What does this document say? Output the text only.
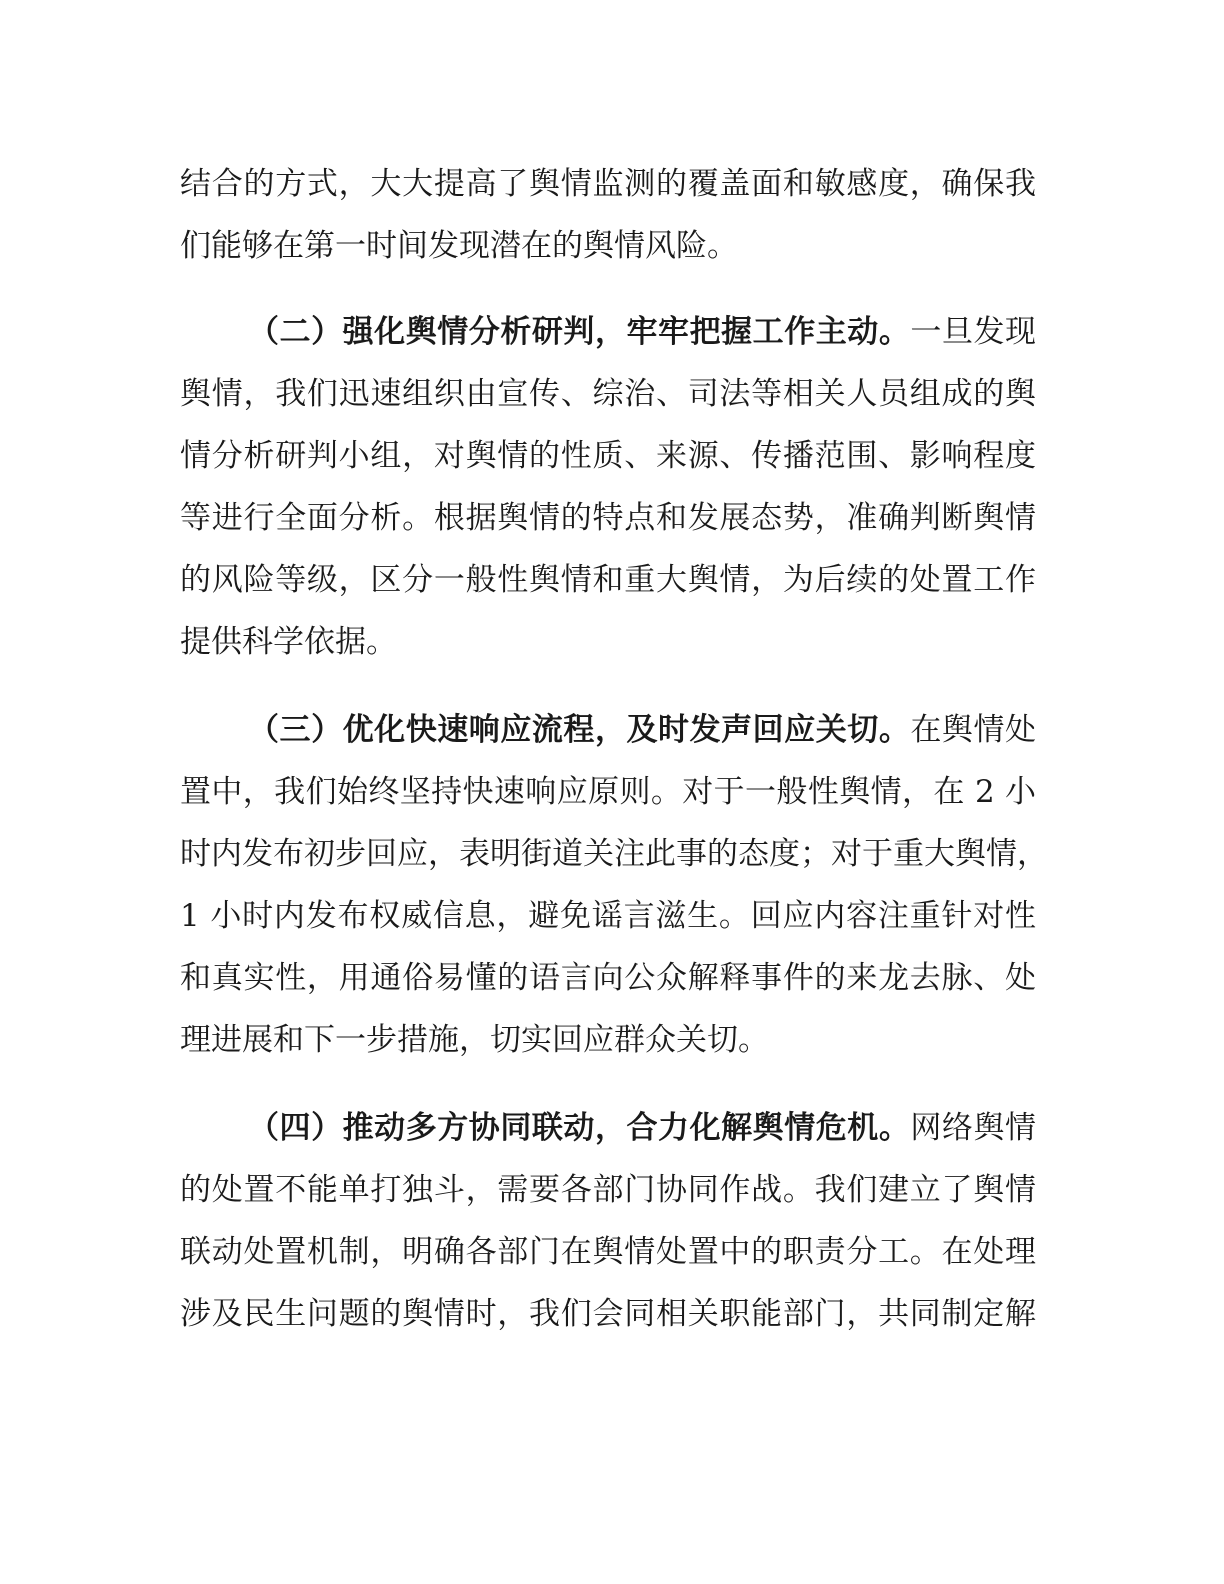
结合的方式，大大提高了舆情监测的覆盖面和敏感度，确保我
们能够在第一时间发现潜在的舆情风险。
（二）强化舆情分析研判，牢牢把握工作主动。一旦发现
舆情，我们迅速组织由宣传、综治、司法等相关人员组成的舆
情分析研判小组，对舆情的性质、来源、传播范围、影响程度
等进行全面分析。根据舆情的特点和发展态势，准确判断舆情
的风险等级，区分一般性舆情和重大舆情，为后续的处置工作
提供科学依据。
（三）优化快速响应流程，及时发声回应关切。在舆情处
置中，我们始终坚持快速响应原则。对于一般性舆情，在 2 小
时内发布初步回应，表明街道关注此事的态度；对于重大舆情，
1 小时内发布权威信息，避免谣言滋生。回应内容注重针对性
和真实性，用通俗易懂的语言向公众解释事件的来龙去脉、处
理进展和下一步措施，切实回应群众关切。
（四）推动多方协同联动，合力化解舆情危机。网络舆情
的处置不能单打独斗，需要各部门协同作战。我们建立了舆情
联动处置机制，明确各部门在舆情处置中的职责分工。在处理
涉及民生问题的舆情时，我们会同相关职能部门，共同制定解
